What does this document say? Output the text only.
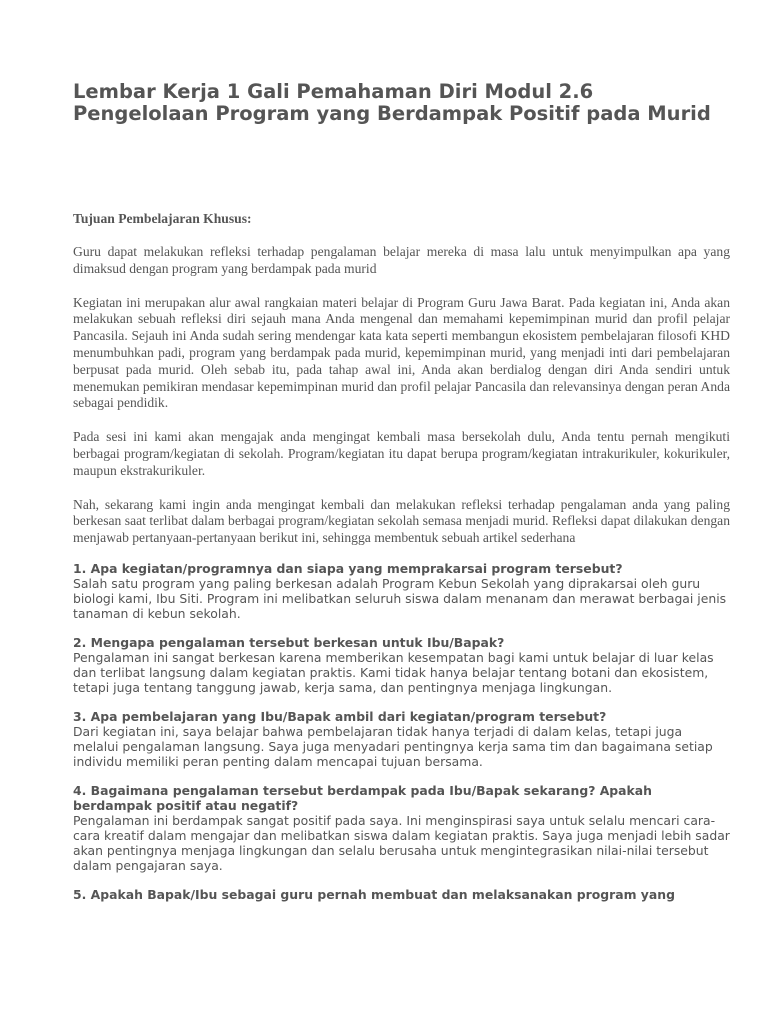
Lembar Kerja 1 Gali Pemahaman Diri Modul 2.6 Pengelolaan Program yang Berdampak Positif pada Murid
Tujuan Pembelajaran Khusus:
Guru dapat melakukan refleksi terhadap pengalaman belajar mereka di masa lalu untuk menyimpulkan apa yang dimaksud dengan program yang berdampak pada murid
Kegiatan ini merupakan alur awal rangkaian materi belajar di Program Guru Jawa Barat. Pada kegiatan ini, Anda akan melakukan sebuah refleksi diri sejauh mana Anda mengenal dan memahami kepemimpinan murid dan profil pelajar Pancasila. Sejauh ini Anda sudah sering mendengar kata kata seperti membangun ekosistem pembelajaran filosofi KHD menumbuhkan padi, program yang berdampak pada murid, kepemimpinan murid, yang menjadi inti dari pembelajaran berpusat pada murid. Oleh sebab itu, pada tahap awal ini, Anda akan berdialog dengan diri Anda sendiri untuk menemukan pemikiran mendasar kepemimpinan murid dan profil pelajar Pancasila dan relevansinya dengan peran Anda sebagai pendidik.
Pada sesi ini kami akan mengajak anda mengingat kembali masa bersekolah dulu, Anda tentu pernah mengikuti berbagai program/kegiatan di sekolah. Program/kegiatan itu dapat berupa program/kegiatan intrakurikuler, kokurikuler, maupun ekstrakurikuler.
Nah, sekarang kami ingin anda mengingat kembali dan melakukan refleksi terhadap pengalaman anda yang paling berkesan saat terlibat dalam berbagai program/kegiatan sekolah semasa menjadi murid. Refleksi dapat dilakukan dengan menjawab pertanyaan-pertanyaan berikut ini, sehingga membentuk sebuah artikel sederhana
1. Apa kegiatan/programnya dan siapa yang memprakarsai program tersebut?
Salah satu program yang paling berkesan adalah Program Kebun Sekolah yang diprakarsai oleh guru biologi kami, Ibu Siti. Program ini melibatkan seluruh siswa dalam menanam dan merawat berbagai jenis tanaman di kebun sekolah.
2. Mengapa pengalaman tersebut berkesan untuk Ibu/Bapak?
Pengalaman ini sangat berkesan karena memberikan kesempatan bagi kami untuk belajar di luar kelas dan terlibat langsung dalam kegiatan praktis. Kami tidak hanya belajar tentang botani dan ekosistem, tetapi juga tentang tanggung jawab, kerja sama, dan pentingnya menjaga lingkungan.
3. Apa pembelajaran yang Ibu/Bapak ambil dari kegiatan/program tersebut?
Dari kegiatan ini, saya belajar bahwa pembelajaran tidak hanya terjadi di dalam kelas, tetapi juga melalui pengalaman langsung. Saya juga menyadari pentingnya kerja sama tim dan bagaimana setiap individu memiliki peran penting dalam mencapai tujuan bersama.
4. Bagaimana pengalaman tersebut berdampak pada Ibu/Bapak sekarang? Apakah berdampak positif atau negatif?
Pengalaman ini berdampak sangat positif pada saya. Ini menginspirasi saya untuk selalu mencari cara-cara kreatif dalam mengajar dan melibatkan siswa dalam kegiatan praktis. Saya juga menjadi lebih sadar akan pentingnya menjaga lingkungan dan selalu berusaha untuk mengintegrasikan nilai-nilai tersebut dalam pengajaran saya.
5. Apakah Bapak/Ibu sebagai guru pernah membuat dan melaksanakan program yang
